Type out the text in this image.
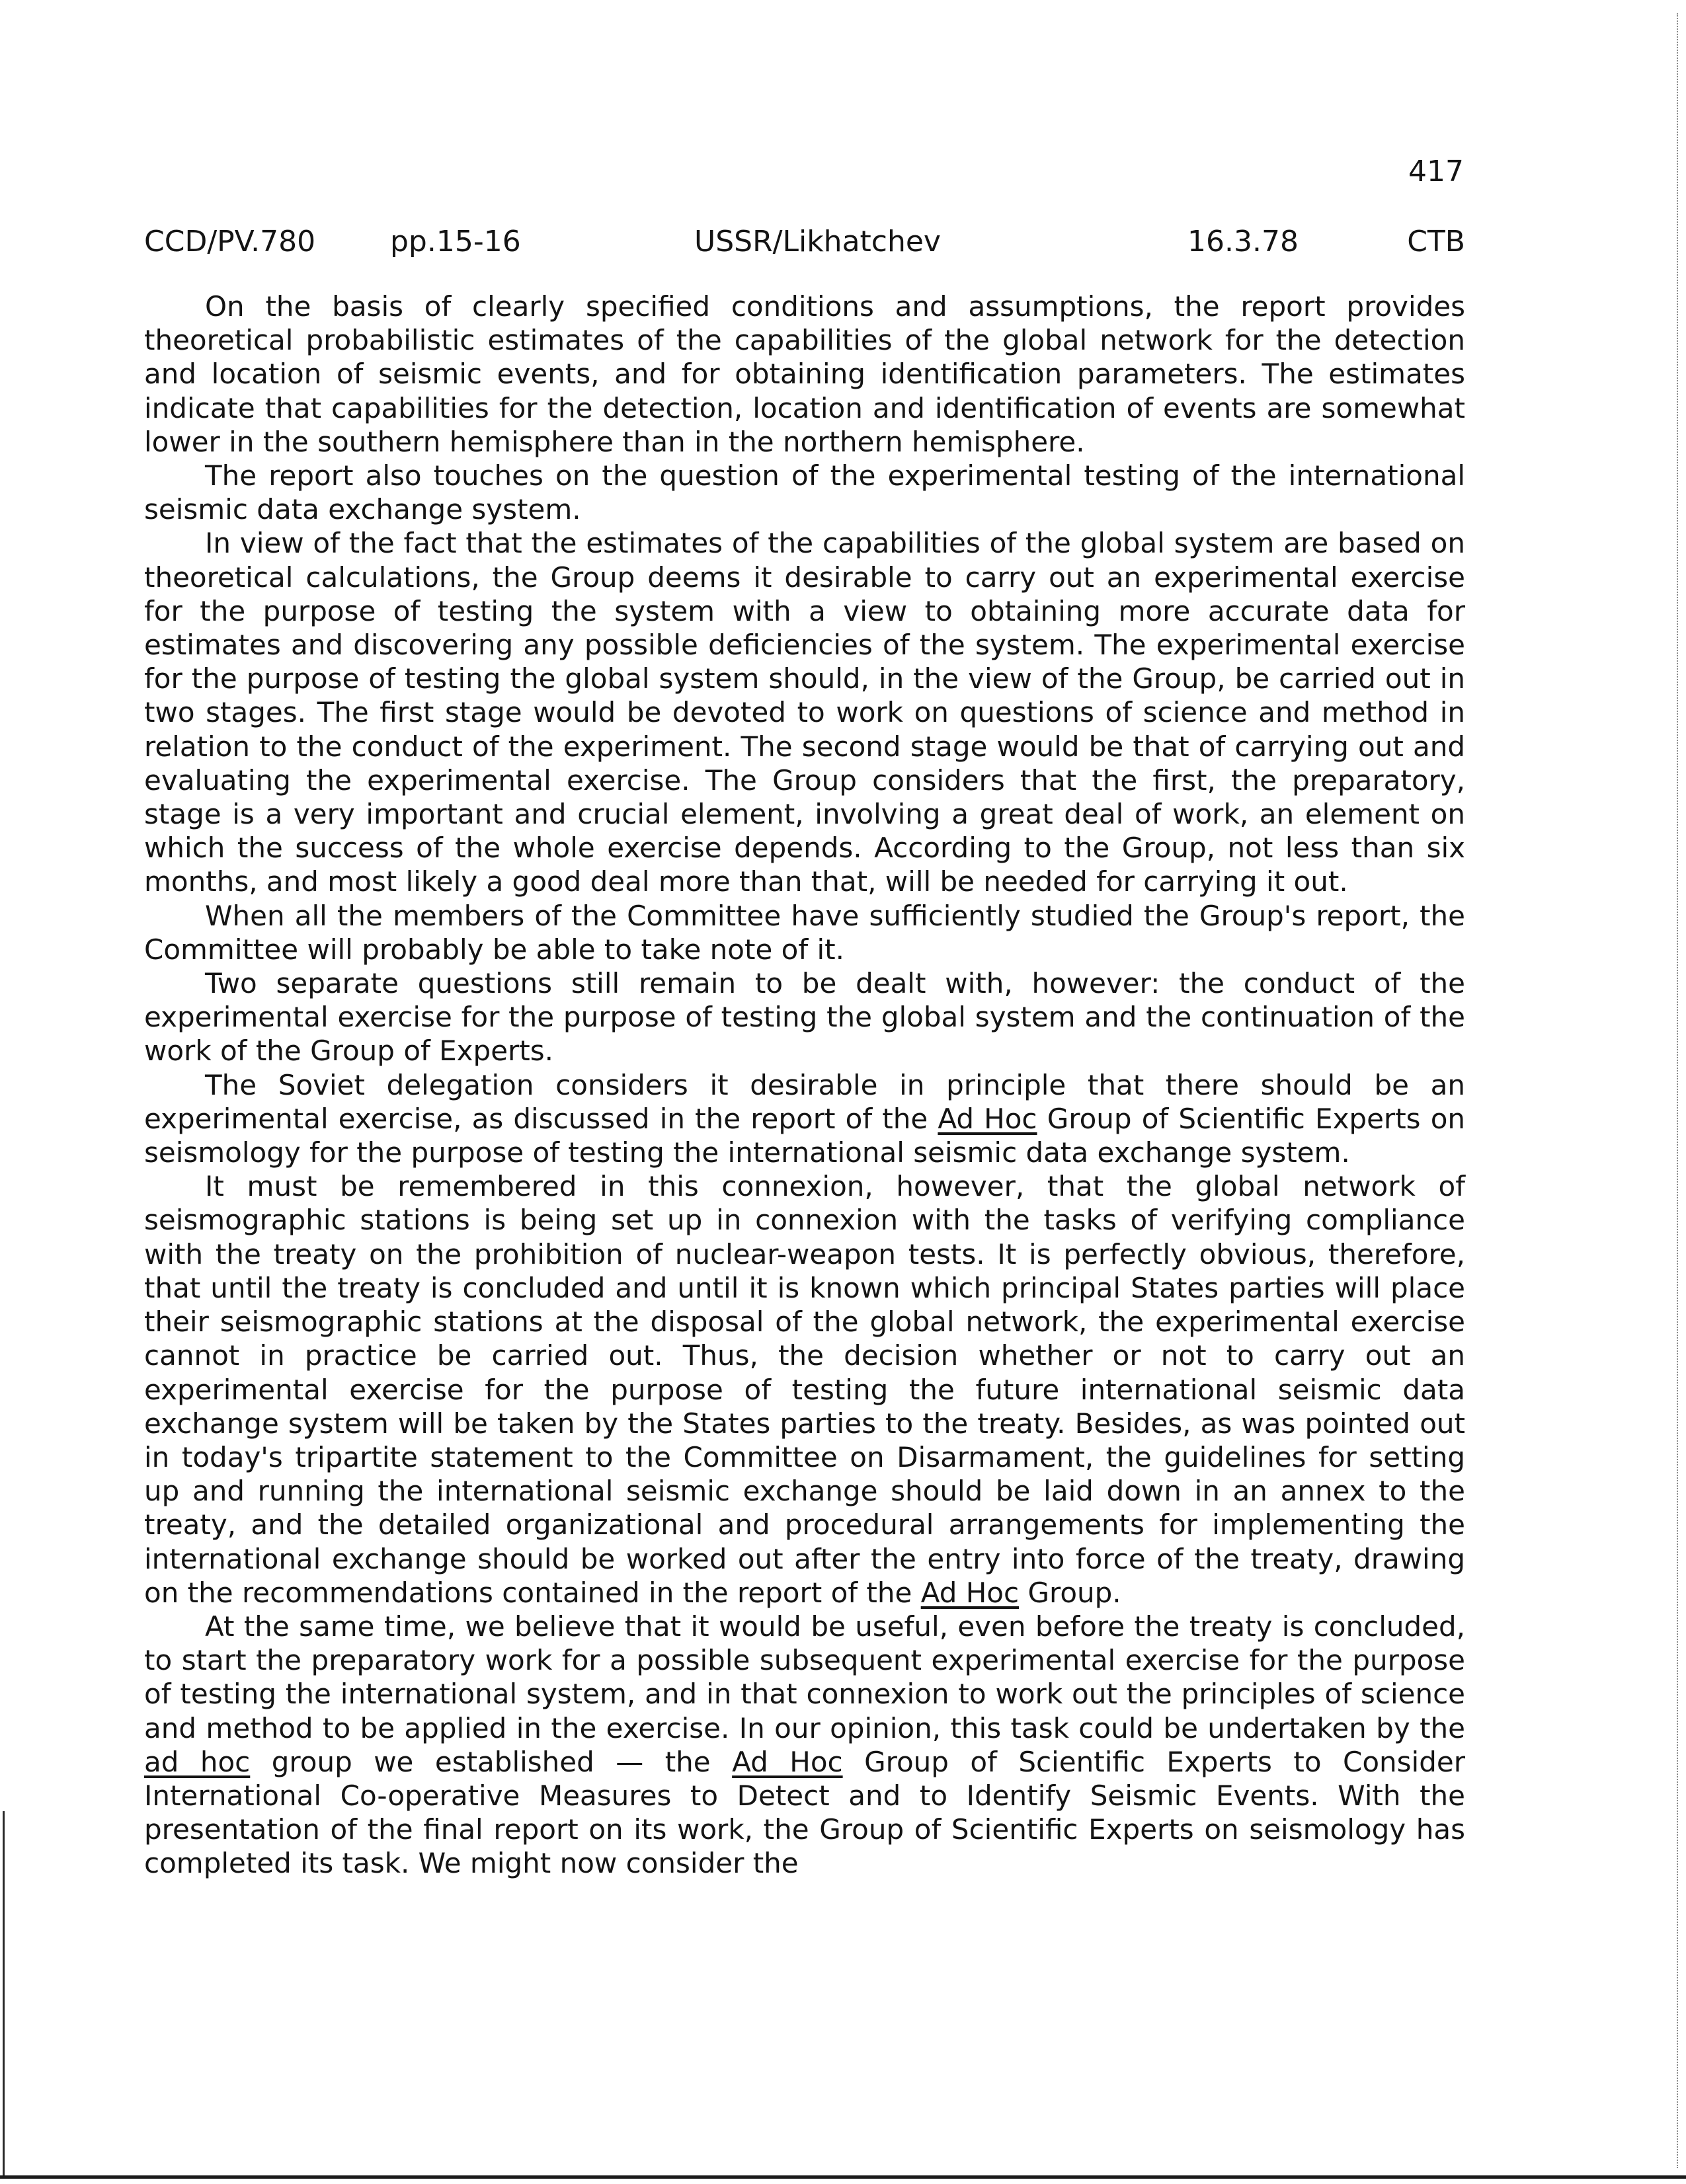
417
CCD/PV.780	pp.15-16	USSR/Likhatchev	16.3.78	CTB

On the basis of clearly specified conditions and assumptions, the report provides theoretical probabilistic estimates of the capabilities of the global network for the detection and location of seismic events, and for obtaining identification parameters. The estimates indicate that capabilities for the detection, location and identification of events are somewhat lower in the southern hemisphere than in the northern hemisphere.

The report also touches on the question of the experimental testing of the international seismic data exchange system.

In view of the fact that the estimates of the capabilities of the global system are based on theoretical calculations, the Group deems it desirable to carry out an experimental exercise for the purpose of testing the system with a view to obtaining more accurate data for estimates and discovering any possible deficiencies of the system. The experimental exercise for the purpose of testing the global system should, in the view of the Group, be carried out in two stages. The first stage would be devoted to work on questions of science and method in relation to the conduct of the experiment. The second stage would be that of carrying out and evaluating the experimental exercise. The Group considers that the first, the preparatory, stage is a very important and crucial element, involving a great deal of work, an element on which the success of the whole exercise depends. According to the Group, not less than six months, and most likely a good deal more than that, will be needed for carrying it out.

When all the members of the Committee have sufficiently studied the Group's report, the Committee will probably be able to take note of it.

Two separate questions still remain to be dealt with, however: the conduct of the experimental exercise for the purpose of testing the global system and the continuation of the work of the Group of Experts.

The Soviet delegation considers it desirable in principle that there should be an experimental exercise, as discussed in the report of the Ad Hoc Group of Scientific Experts on seismology for the purpose of testing the international seismic data exchange system.

It must be remembered in this connexion, however, that the global network of seismographic stations is being set up in connexion with the tasks of verifying compliance with the treaty on the prohibition of nuclear-weapon tests. It is perfectly obvious, therefore, that until the treaty is concluded and until it is known which principal States parties will place their seismographic stations at the disposal of the global network, the experimental exercise cannot in practice be carried out. Thus, the decision whether or not to carry out an experimental exercise for the purpose of testing the future international seismic data exchange system will be taken by the States parties to the treaty. Besides, as was pointed out in today's tripartite statement to the Committee on Disarmament, the guidelines for setting up and running the international seismic exchange should be laid down in an annex to the treaty, and the detailed organizational and procedural arrangements for implementing the international exchange should be worked out after the entry into force of the treaty, drawing on the recommendations contained in the report of the Ad Hoc Group.

At the same time, we believe that it would be useful, even before the treaty is concluded, to start the preparatory work for a possible subsequent experimental exercise for the purpose of testing the international system, and in that connexion to work out the principles of science and method to be applied in the exercise. In our opinion, this task could be undertaken by the ad hoc group we established — the Ad Hoc Group of Scientific Experts to Consider International Co-operative Measures to Detect and to Identify Seismic Events. With the presentation of the final report on its work, the Group of Scientific Experts on seismology has completed its task. We might now consider the
